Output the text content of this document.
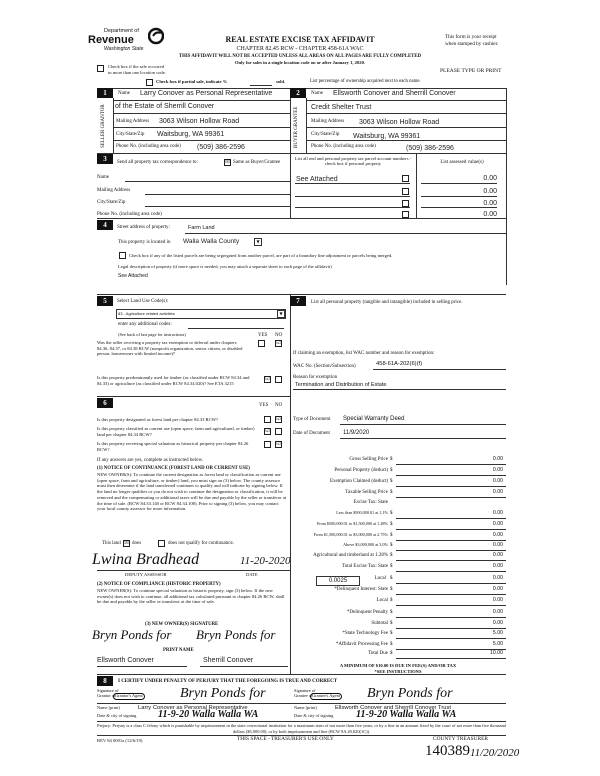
Department of
Revenue
Washington State
REAL ESTATE EXCISE TAX AFFIDAVIT
CHAPTER 82.45 RCW - CHAPTER 458-61A WAC
This form is your receipt
when stamped by cashier.
THIS AFFIDAVIT WILL NOT BE ACCEPTED UNLESS ALL AREAS ON ALL PAGES ARE FULLY COMPLETED
Only for sales in a single location code on or after January 1, 2020.
Check box if the sale occurred
in more than one location code.	PLEASE TYPE OR PRINT
Check box if partial sale, indicate %	sold.	List percentage of ownership acquired next to each name.
1	2
SELLER GRANTOR	BUYER GRANTEE
Name Larry Conover as Personal Representative
of the Estate of Sherrill Conover
Mailing Address 3063 Wilson Hollow Road
City/State/Zip Waitsburg, WA 99361
Phone No. (including area code) (509) 386-2596
Name Ellsworth Conover and Sherrill Conover
Credit Shelter Trust
Mailing Address 3063 Wilson Hollow Road
City/State/Zip Waitsburg, WA 99361
Phone No. (including area code)	(509) 386-2596
3	Send all property tax correspondence to:	☒ Same as Buyer/Grantee
List all real and personal property tax parcel account numbers - check box if personal property	List assessed value(s)
Name
Mailing Address
City/State/Zip
Phone No. (including area code)
See Attached	0.00
0.00
0.00
0.00
4	Street address of property:	Farm Land
This property is located in Walla Walla County	▼
Check box if any of the listed parcels are being segregated from another parcel, are part of a boundary line adjustment or parcels being merged.
Legal description of property (if more space is needed, you may attach a separate sheet to each page of the affidavit)
See Attached
5	Select Land Use Code(s):
83 - Agriculture related activities	▼
enter any additional codes:
(See back of last page for instructions)	YES NO
Was the seller receiving a property tax exemption or deferral under chapters 84.36, 84.37, or 84.38 RCW (nonprofit organization, senior citizen, or disabled person, homeowner with limited income)?
☑
Is this property predominantly used for timber (as classified under RCW 84.34 and 84.33) or agriculture (as classified under RCW 84.34.020)? See ETA 3215
☑
6	YES NO
Is this property designated as forest land per chapter 84.33 RCW?	☑
Is this property classified as current use (open space, farm and agricultural, or timber) land per chapter 84.34 RCW?
☑
Is this property receiving special valuation as historical property per chapter 84.26 RCW?
☑
If any answers are yes, complete as instructed below.
(1) NOTICE OF CONTINUANCE (FOREST LAND OR CURRENT USE)
NEW OWNER(S): To continue the current designation as forest land or classification as current use (open space, farm and agriculture, or timber) land, you must sign on (3) below. The county assessor must then determine if the land transferred continues to qualify and will indicate by signing below. If the land no longer qualifies or you do not wish to continue the designation or classification, it will be removed and the compensating or additional taxes will be due and payable by the seller or transferor at the time of sale. (RCW 84.33.140 or RCW 84.34.108). Prior to signing (3) below, you may contact your local county assessor for more information.
This land ☒ does	does not qualify for continuance.
Lwina Bradhead	11-20-2020
DEPUTY ASSESSOR	DATE
(2) NOTICE OF COMPLIANCE (HISTORIC PROPERTY)
NEW OWNER(S): To continue special valuation as historic property, sign (3) below. If the new owner(s) does not wish to continue, all additional tax calculated pursuant to chapter 84.26 RCW, shall be due and payable by the seller or transferor at the time of sale.
(3) NEW OWNER(S) SIGNATURE
Bryn Ponds for Bryn Ponds for
PRINT NAME
Ellsworth Conover	Sherrill Conover
7	List all personal property (tangible and intangible) included in selling price.
If claiming an exemption, list WAC number and reason for exemption:
WAC No. (Section/Subsection)	458-61A-202(6)(f)
Reason for exemption
Termination and Distribution of Estate
Type of Document Special Warranty Deed
Date of Document 11/9/2020
Gross Selling Price $	0.00
Personal Property (deduct) $	0.00
Exemption Claimed (deduct) $	0.00
Taxable Selling Price $	0.00
Excise Tax: State
Less than $500,000.01 at 1.1% $	0.00
From $500,000.01 to $1,500,000 at 1.28% $	0.00
From $1,500,000.01 to $3,000,000 at 2.75% $	0.00
Above $3,000,000 at 3.0% $	0.00
Agricultural and timberland at 1.28% $	0.00
Total Excise Tax: State $	0.00
Local $	0.00
*Delinquent Interest: State $	0.00
Local $	0.00
*Delinquent Penalty $	0.00
Subtotal $	0.00
*State Technology Fee $	5.00
*Affidavit Processing Fee $	5.00
Total Due $	10.00
0.0025
A MINIMUM OF $10.00 IS DUE IN FEE(S) AND/OR TAX
*SEE INSTRUCTIONS
8	I CERTIFY UNDER PENALTY OF PERJURY THAT THE FOREGOING IS TRUE AND CORRECT
Signature of
Grantor or Grantor's Agent	Bryn Ponds for	Signature of
Grantee or Grantee's Agent Bryn Ponds for
Name (print)	Larry Conover as Personal Representative	Name (print)	Ellsworth Conover and Sherrill Conover Trust
Date & city of signing 11-9-20 Walla Walla WA	Date & city of signing 11-9-20 Walla Walla WA
Perjury: Perjury is a class C felony which is punishable by imprisonment in the state correctional institution for a maximum term of not more than five years, or by a fine in an amount fixed by the court of not more than five thousand dollars ($5,000.00), or by both imprisonment and fine (RCW 9A.20.020(1C)).
REV 84 0001a (12/6/19)	THIS SPACE - TREASURER'S USE ONLY	COUNTY TREASURER
140389 11/20/2020
